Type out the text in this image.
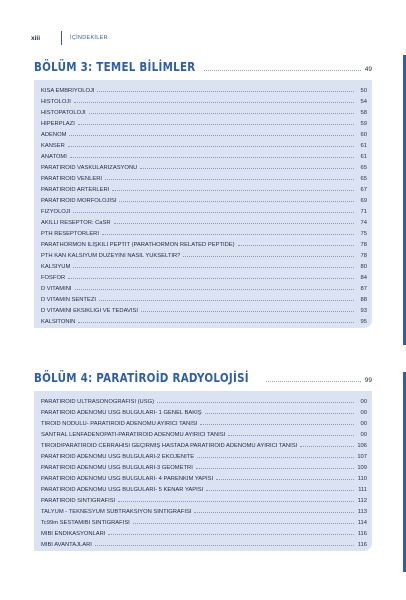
xiii	İÇİNDEKİLER
BÖLÜM 3: TEMEL BİLİMLER	49
KISA EMBRİYOLOJİ	50
HİSTOLOJİ	54
HİSTOPATOLOJİ	58
HİPERPLAZİ	59
ADENOM	60
KANSER	61
ANATOMİ	61
PARATİROİD VASKÜLARİZASYONU	65
PARATİROİD VENLERİ	65
PARATİROİD ARTERLERİ	67
PARATİROİD MORFOLOJİSİ	69
FİZYOLOJİ	71
AKILLI RESEPTÖR: CaSR	74
PTH RESEPTÖRLERİ	75
PARATHORMON İLİŞKİLİ PEPTİT (PARATHORMON RELATED PEPTIDE)	78
PTH KAN KALSİYUM DÜZEYİNİ NASIL YÜKSELTİR?	78
KALSİYUM	80
FOSFOR	84
D VİTAMİNİ	87
D VİTAMİN SENTEZİ	88
D VİTAMİNİ EKSİKLİĞİ VE TEDAVİSİ	93
KALSİTONİN	95
BÖLÜM 4: PARATİROİD RADYOLOJİSİ	99
PARATİROİD ULTRASONOGRAFİSİ (USG)	00
PARATİROİD ADENOMU USG BULGULARI- 1 GENEL BAKIŞ	00
TİROİD NODÜLÜ- PARATİROİD ADENOMU AYIRICI TANISI	00
SANTRAL LENFADENOPATİ-PARATİROİD ADENOMU AYIRICI TANISI	00
TİROİD/PARATİROİD CERRAHİSİ GEÇİRMİŞ HASTADA PARATİROİD ADENOMU AYIRICI TANISI	106
PARATİROİD ADENOMU USG BULGULARI-2 EKOJENİTE	107
PARATİROİD ADENOMU USG BULGULARI-3 GEOMETRİ	109
PARATİROİD ADENOMU USG BULGULARI- 4 PARENKİM YAPISI	110
PARATİROİD ADENOMU USG BULGULARI- 5 KENAR YAPISI	111
PARATİROİD SİNTİGRAFİSİ	112
TALYUM - TEKNESYUM SUBTRAKSİYON SİNTİGRAFİSİ	113
Tc99m SESTAMİBİ SİNTİGRAFİSİ	114
MİBİ ENDİKASYONLARI	116
MİBİ AVANTAJLARI	116
